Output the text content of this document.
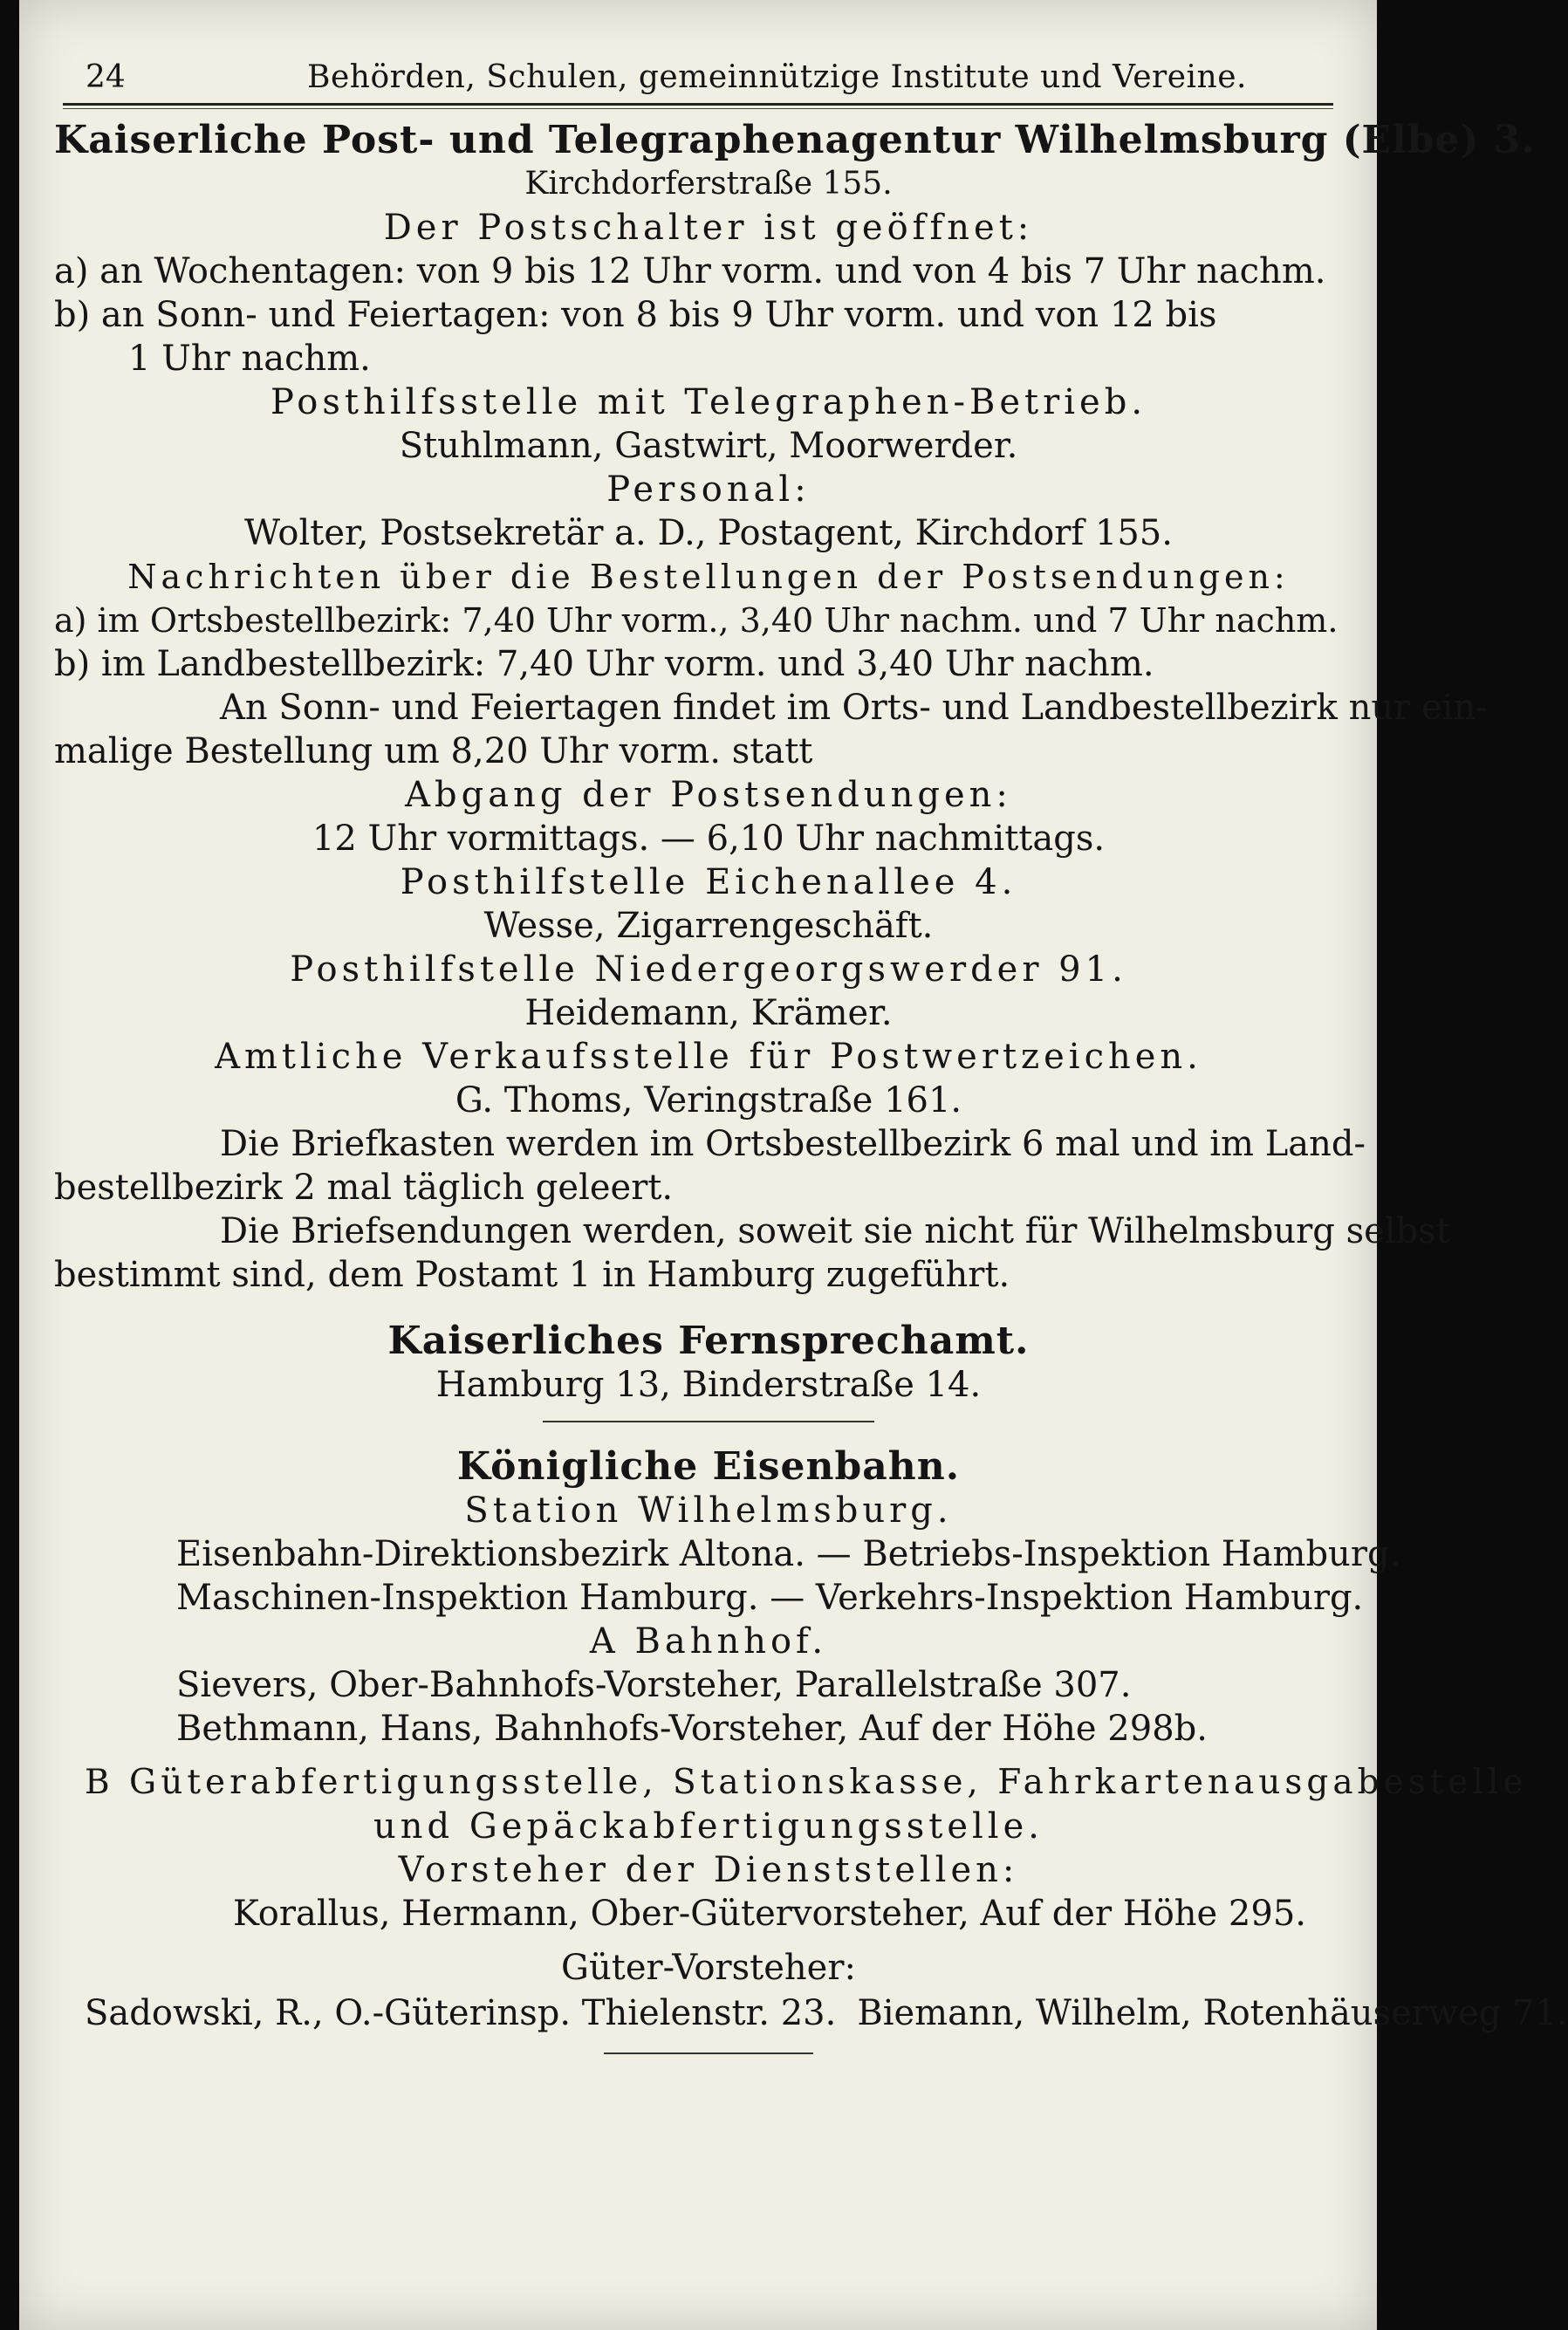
24	Behörden, Schulen, gemeinnützige Institute und Vereine.

Kaiserliche Post- und Telegraphenagentur Wilhelmsburg (Elbe) 3.

Kirchdorferstraße 155.

Der Postschalter ist geöffnet:

a) an Wochentagen: von 9 bis 12 Uhr vorm. und von 4 bis 7 Uhr nachm.

b) an Sonn- und Feiertagen: von 8 bis 9 Uhr vorm. und von 12 bis

1 Uhr nachm.

Posthilfsstelle mit Telegraphen-Betrieb.

Stuhlmann, Gastwirt, Moorwerder.

Personal:

Wolter, Postsekretär a. D., Postagent, Kirchdorf 155.

Nachrichten über die Bestellungen der Postsendungen:

a) im Ortsbestellbezirk: 7,40 Uhr vorm., 3,40 Uhr nachm. und 7 Uhr nachm.

b) im Landbestellbezirk: 7,40 Uhr vorm. und 3,40 Uhr nachm.

An Sonn- und Feiertagen findet im Orts- und Landbestellbezirk nur ein-

malige Bestellung um 8,20 Uhr vorm. statt

Abgang der Postsendungen:

12 Uhr vormittags. — 6,10 Uhr nachmittags.

Posthilfstelle Eichenallee 4.

Wesse, Zigarrengeschäft.

Posthilfstelle Niedergeorgswerder 91.

Heidemann, Krämer.

Amtliche Verkaufsstelle für Postwertzeichen.

G. Thoms, Veringstraße 161.

Die Briefkasten werden im Ortsbestellbezirk 6 mal und im Land-

bestellbezirk 2 mal täglich geleert.

Die Briefsendungen werden, soweit sie nicht für Wilhelmsburg selbst

bestimmt sind, dem Postamt 1 in Hamburg zugeführt.

Kaiserliches Fernsprechamt.

Hamburg 13, Binderstraße 14.

Königliche Eisenbahn.

Station Wilhelmsburg.

Eisenbahn-Direktionsbezirk Altona. — Betriebs-Inspektion Hamburg.

Maschinen-Inspektion Hamburg. — Verkehrs-Inspektion Hamburg.

A Bahnhof.

Sievers, Ober-Bahnhofs-Vorsteher, Parallelstraße 307.

Bethmann, Hans, Bahnhofs-Vorsteher, Auf der Höhe 298b.

B Güterabfertigungsstelle, Stationskasse, Fahrkartenausgabestelle

und Gepäckabfertigungsstelle.

Vorsteher der Dienststellen:

Korallus, Hermann, Ober-Gütervorsteher, Auf der Höhe 295.

Güter-Vorsteher:

Sadowski, R., O.-Güterinsp. Thielenstr. 23. Biemann, Wilhelm, Rotenhäuserweg 71.
